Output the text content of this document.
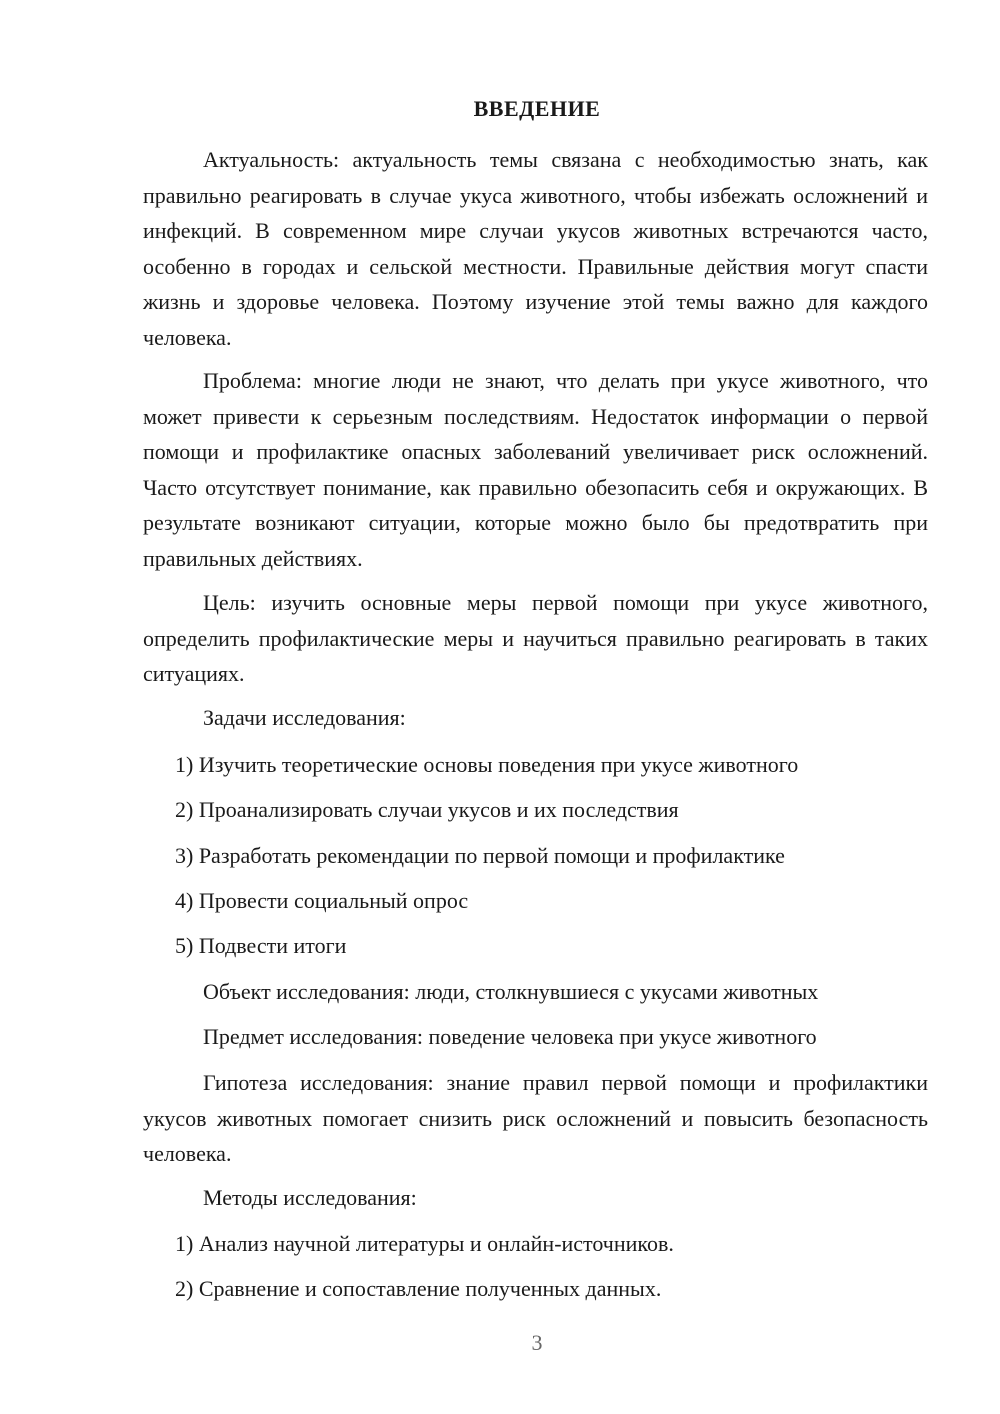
ВВЕДЕНИЕ

Актуальность: актуальность темы связана с необходимостью знать, как правильно реагировать в случае укуса животного, чтобы избежать осложнений и инфекций. В современном мире случаи укусов животных встречаются часто, особенно в городах и сельской местности. Правильные действия могут спасти жизнь и здоровье человека. Поэтому изучение этой темы важно для каждого человека.

Проблема: многие люди не знают, что делать при укусе животного, что может привести к серьезным последствиям. Недостаток информации о первой помощи и профилактике опасных заболеваний увеличивает риск осложнений. Часто отсутствует понимание, как правильно обезопасить себя и окружающих. В результате возникают ситуации, которые можно было бы предотвратить при правильных действиях.

Цель: изучить основные меры первой помощи при укусе животного, определить профилактические меры и научиться правильно реагировать в таких ситуациях.

Задачи исследования:
1) Изучить теоретические основы поведения при укусе животного
2) Проанализировать случаи укусов и их последствия
3) Разработать рекомендации по первой помощи и профилактике
4) Провести социальный опрос
5) Подвести итоги
Объект исследования: люди, столкнувшиеся с укусами животных
Предмет исследования: поведение человека при укусе животного

Гипотеза исследования: знание правил первой помощи и профилактики укусов животных помогает снизить риск осложнений и повысить безопасность человека.

Методы исследования:
1) Анализ научной литературы и онлайн-источников.
2) Сравнение и сопоставление полученных данных.
3
